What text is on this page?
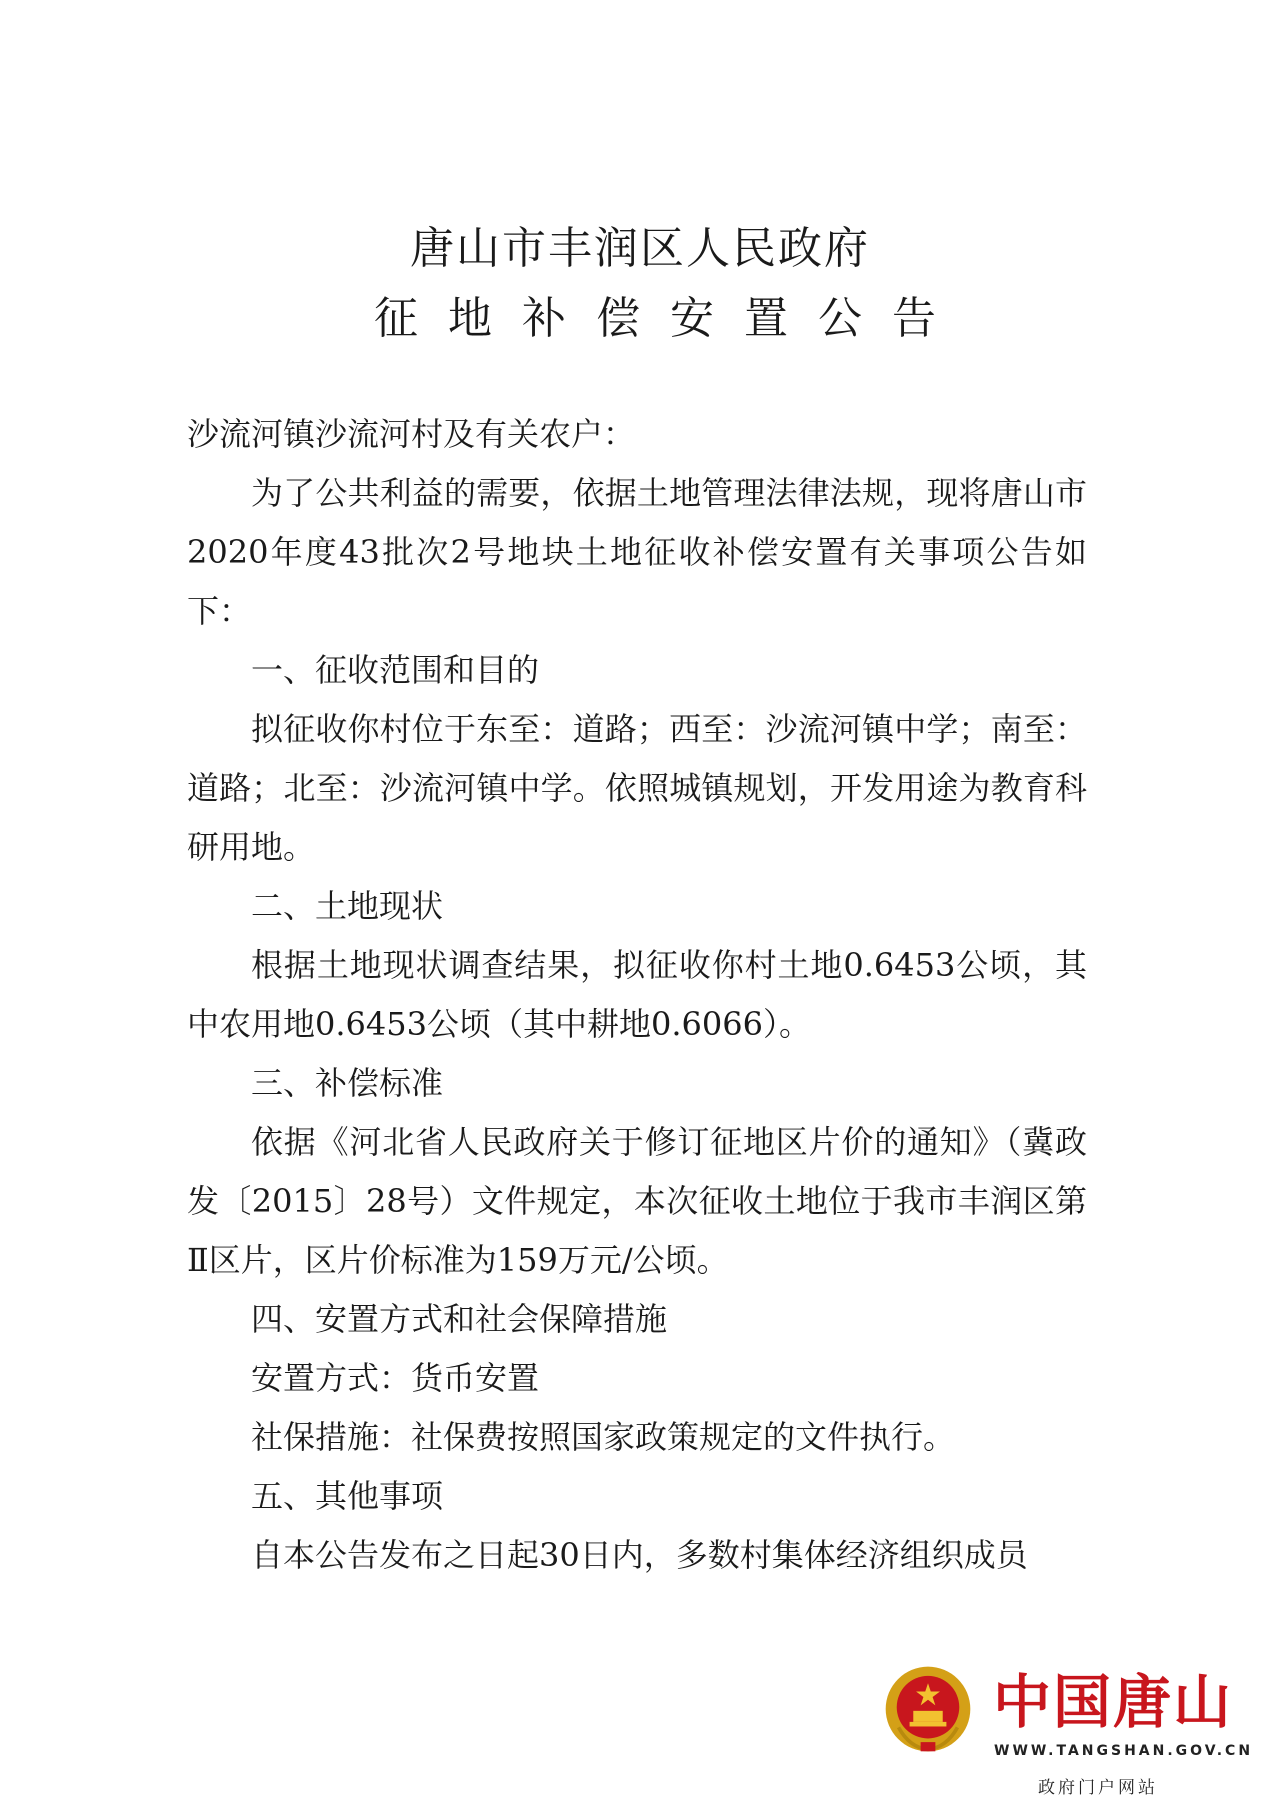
唐山市丰润区人民政府
征地补偿安置公告

沙流河镇沙流河村及有关农户：

为了公共利益的需要，依据土地管理法律法规，现将唐山市2020年度43批次2号地块土地征收补偿安置有关事项公告如下：

一、征收范围和目的

拟征收你村位于东至：道路；西至：沙流河镇中学；南至：道路；北至：沙流河镇中学。依照城镇规划，开发用途为教育科研用地。

二、土地现状

根据土地现状调查结果，拟征收你村土地0.6453公顷，其中农用地0.6453公顷（其中耕地0.6066）。

三、补偿标准

依据《河北省人民政府关于修订征地区片价的通知》（冀政发〔2015〕28号）文件规定，本次征收土地位于我市丰润区第Ⅱ区片，区片价标准为159万元/公顷。

四、安置方式和社会保障措施

安置方式：货币安置

社保措施：社保费按照国家政策规定的文件执行。

五、其他事项

自本公告发布之日起30日内，多数村集体经济组织成员

中国唐山
WWW.TANGSHAN.GOV.CN
政府门户网站
